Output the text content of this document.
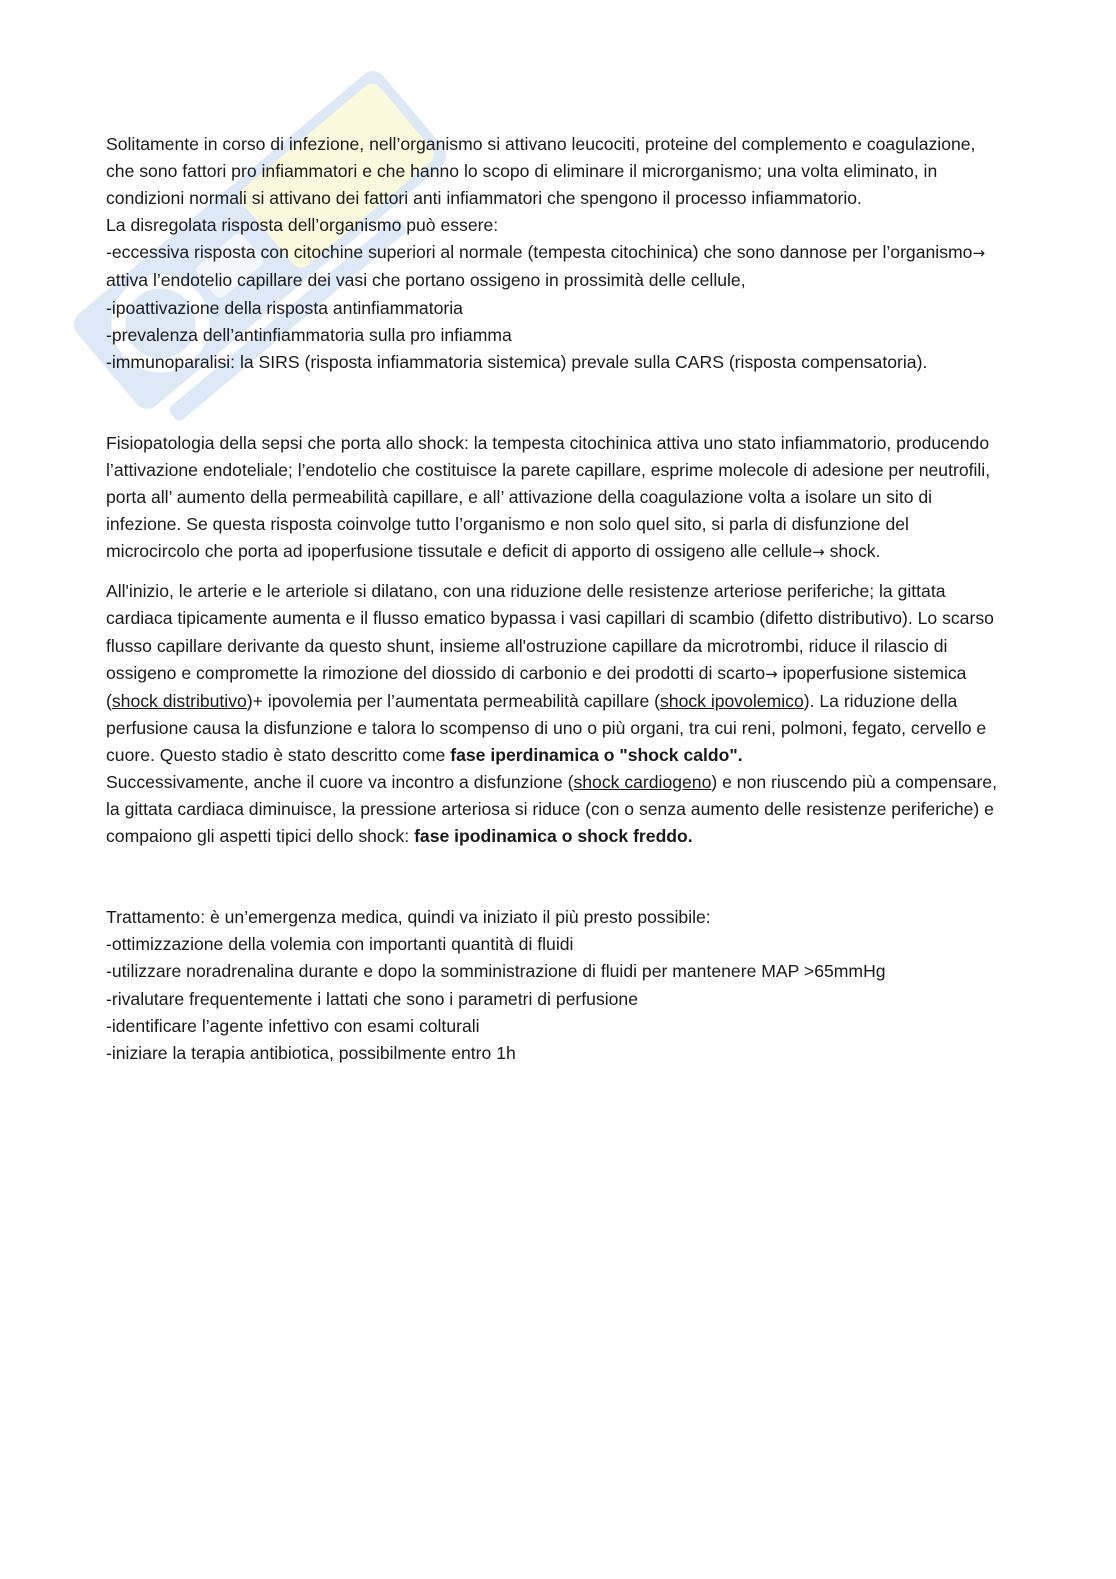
Solitamente in corso di infezione, nell’organismo si attivano leucociti, proteine del complemento e coagulazione, che sono fattori pro infiammatori e che hanno lo scopo di eliminare il microrganismo; una volta eliminato, in condizioni normali si attivano dei fattori anti infiammatori che spengono il processo infiammatorio.

La disregolata risposta dell’organismo può essere:

-eccessiva risposta con citochine superiori al normale (tempesta citochinica) che sono dannose per l’organismo→ attiva l’endotelio capillare dei vasi che portano ossigeno in prossimità delle cellule,

-ipoattivazione della risposta antinfiammatoria

-prevalenza dell’antinfiammatoria sulla pro infiamma

-immunoparalisi: la SIRS (risposta infiammatoria sistemica) prevale sulla CARS (risposta compensatoria).

Fisiopatologia della sepsi che porta allo shock: la tempesta citochinica attiva uno stato infiammatorio, producendo l’attivazione endoteliale; l’endotelio che costituisce la parete capillare, esprime molecole di adesione per neutrofili, porta all’ aumento della permeabilità capillare, e all’ attivazione della coagulazione volta a isolare un sito di infezione. Se questa risposta coinvolge tutto l’organismo e non solo quel sito, si parla di disfunzione del microcircolo che porta ad ipoperfusione tissutale e deficit di apporto di ossigeno alle cellule→ shock.

All'inizio, le arterie e le arteriole si dilatano, con una riduzione delle resistenze arteriose periferiche; la gittata cardiaca tipicamente aumenta e il flusso ematico bypassa i vasi capillari di scambio (difetto distributivo). Lo scarso flusso capillare derivante da questo shunt, insieme all'ostruzione capillare da microtrombi, riduce il rilascio di ossigeno e compromette la rimozione del diossido di carbonio e dei prodotti di scarto→ ipoperfusione sistemica (shock distributivo)+ ipovolemia per l’aumentata permeabilità capillare (shock ipovolemico). La riduzione della perfusione causa la disfunzione e talora lo scompenso di uno o più organi, tra cui reni, polmoni, fegato, cervello e cuore. Questo stadio è stato descritto come fase iperdinamica o "shock caldo".

Successivamente, anche il cuore va incontro a disfunzione (shock cardiogeno) e non riuscendo più a compensare, la gittata cardiaca diminuisce, la pressione arteriosa si riduce (con o senza aumento delle resistenze periferiche) e compaiono gli aspetti tipici dello shock: fase ipodinamica o shock freddo.

Trattamento: è un’emergenza medica, quindi va iniziato il più presto possibile:

-ottimizzazione della volemia con importanti quantità di fluidi

-utilizzare noradrenalina durante e dopo la somministrazione di fluidi per mantenere MAP >65mmHg

-rivalutare frequentemente i lattati che sono i parametri di perfusione

-identificare l’agente infettivo con esami colturali

-iniziare la terapia antibiotica, possibilmente entro 1h
